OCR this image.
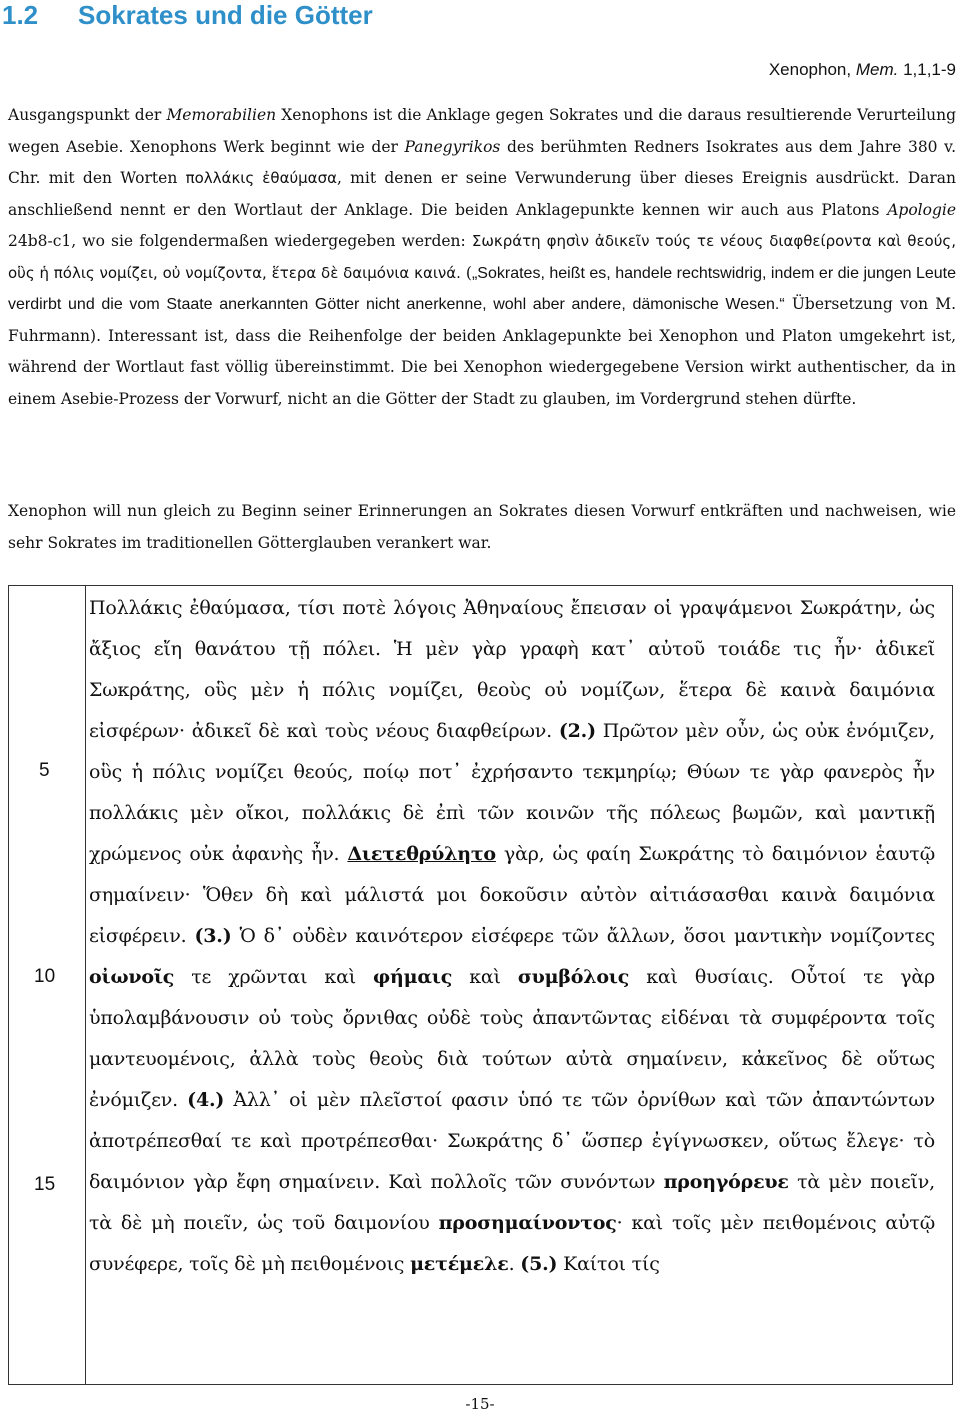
1.2 Sokrates und die Götter
Xenophon, Mem. 1,1,1-9

Ausgangspunkt der Memorabilien Xenophons ist die Anklage gegen Sokrates und die daraus resultierende Verurteilung wegen Asebie. Xenophons Werk beginnt wie der Panegyrikos des berühmten Redners Isokrates aus dem Jahre 380 v. Chr. mit den Worten πολλάκις ἐθαύμασα, mit denen er seine Verwunderung über dieses Ereignis ausdrückt. Daran anschließend nennt er den Wortlaut der Anklage. Die beiden Anklagepunkte kennen wir auch aus Platons Apologie 24b8-c1, wo sie folgendermaßen wiedergegeben werden: Σωκράτη φησὶν ἀδικεῖν τούς τε νέους διαφθείροντα καὶ θεούς, οὓς ἡ πόλις νομίζει, οὐ νομίζοντα, ἕτερα δὲ δαιμόνια καινά. („Sokrates, heißt es, handele rechtswidrig, indem er die jungen Leute verdirbt und die vom Staate anerkannten Götter nicht anerkenne, wohl aber andere, dämonische Wesen.“ Übersetzung von M. Fuhrmann). Interessant ist, dass die Reihenfolge der beiden Anklagepunkte bei Xenophon und Platon umgekehrt ist, während der Wortlaut fast völlig übereinstimmt. Die bei Xenophon wiedergegebene Version wirkt authentischer, da in einem Asebie-Prozess der Vorwurf, nicht an die Götter der Stadt zu glauben, im Vordergrund stehen dürfte.

Xenophon will nun gleich zu Beginn seiner Erinnerungen an Sokrates diesen Vorwurf entkräften und nachweisen, wie sehr Sokrates im traditionellen Götterglauben verankert war.

5
10
15

Πολλάκις ἐθαύμασα, τίσι ποτὲ λόγοις Ἀθηναίους ἔπεισαν οἱ γραψάμενοι Σωκράτην, ὡς ἄξιος εἴη θανάτου τῇ πόλει. Ἡ μὲν γὰρ γραφὴ κατ᾽ αὐτοῦ τοιάδε τις ἦν· ἀδικεῖ Σωκράτης, οὓς μὲν ἡ πόλις νομίζει, θεοὺς οὐ νομίζων, ἕτερα δὲ καινὰ δαιμόνια εἰσφέρων· ἀδικεῖ δὲ καὶ τοὺς νέους διαφθείρων. (2.) Πρῶτον μὲν οὖν, ὡς οὐκ ἐνόμιζεν, οὓς ἡ πόλις νομίζει θεούς, ποίῳ ποτ᾽ ἐχρήσαντο τεκμηρίῳ; Θύων τε γὰρ φανερὸς ἦν πολλάκις μὲν οἴκοι, πολλάκις δὲ ἐπὶ τῶν κοινῶν τῆς πόλεως βωμῶν, καὶ μαντικῇ χρώμενος οὐκ ἀφανὴς ἦν. Διετεθρύλητο γὰρ, ὡς φαίη Σωκράτης τὸ δαιμόνιον ἑαυτῷ σημαίνειν· Ὅθεν δὴ καὶ μάλιστά μοι δοκοῦσιν αὐτὸν αἰτιάσασθαι καινὰ δαιμόνια εἰσφέρειν. (3.) Ὁ δ᾽ οὐδὲν καινότερον εἰσέφερε τῶν ἄλλων, ὅσοι μαντικὴν νομίζοντες οἰωνοῖς τε χρῶνται καὶ φήμαις καὶ συμβόλοις καὶ θυσίαις. Οὗτοί τε γὰρ ὑπολαμβάνουσιν οὐ τοὺς ὄρνιθας οὐδὲ τοὺς ἀπαντῶντας εἰδέναι τὰ συμφέροντα τοῖς μαντευομένοις, ἀλλὰ τοὺς θεοὺς διὰ τούτων αὐτὰ σημαίνειν, κἀκεῖνος δὲ οὕτως ἐνόμιζεν. (4.) Ἀλλ᾽ οἱ μὲν πλεῖστοί φασιν ὑπό τε τῶν ὀρνίθων καὶ τῶν ἀπαντώντων ἀποτρέπεσθαί τε καὶ προτρέπεσθαι· Σωκράτης δ᾽ ὥσπερ ἐγίγνωσκεν, οὕτως ἔλεγε· τὸ δαιμόνιον γὰρ ἔφη σημαίνειν. Καὶ πολλοῖς τῶν συνόντων προηγόρευε τὰ μὲν ποιεῖν, τὰ δὲ μὴ ποιεῖν, ὡς τοῦ δαιμονίου προσημαίνοντος· καὶ τοῖς μὲν πειθομένοις αὐτῷ συνέφερε, τοῖς δὲ μὴ πειθομένοις μετέμελε. (5.) Καίτοι τίς

-15-
